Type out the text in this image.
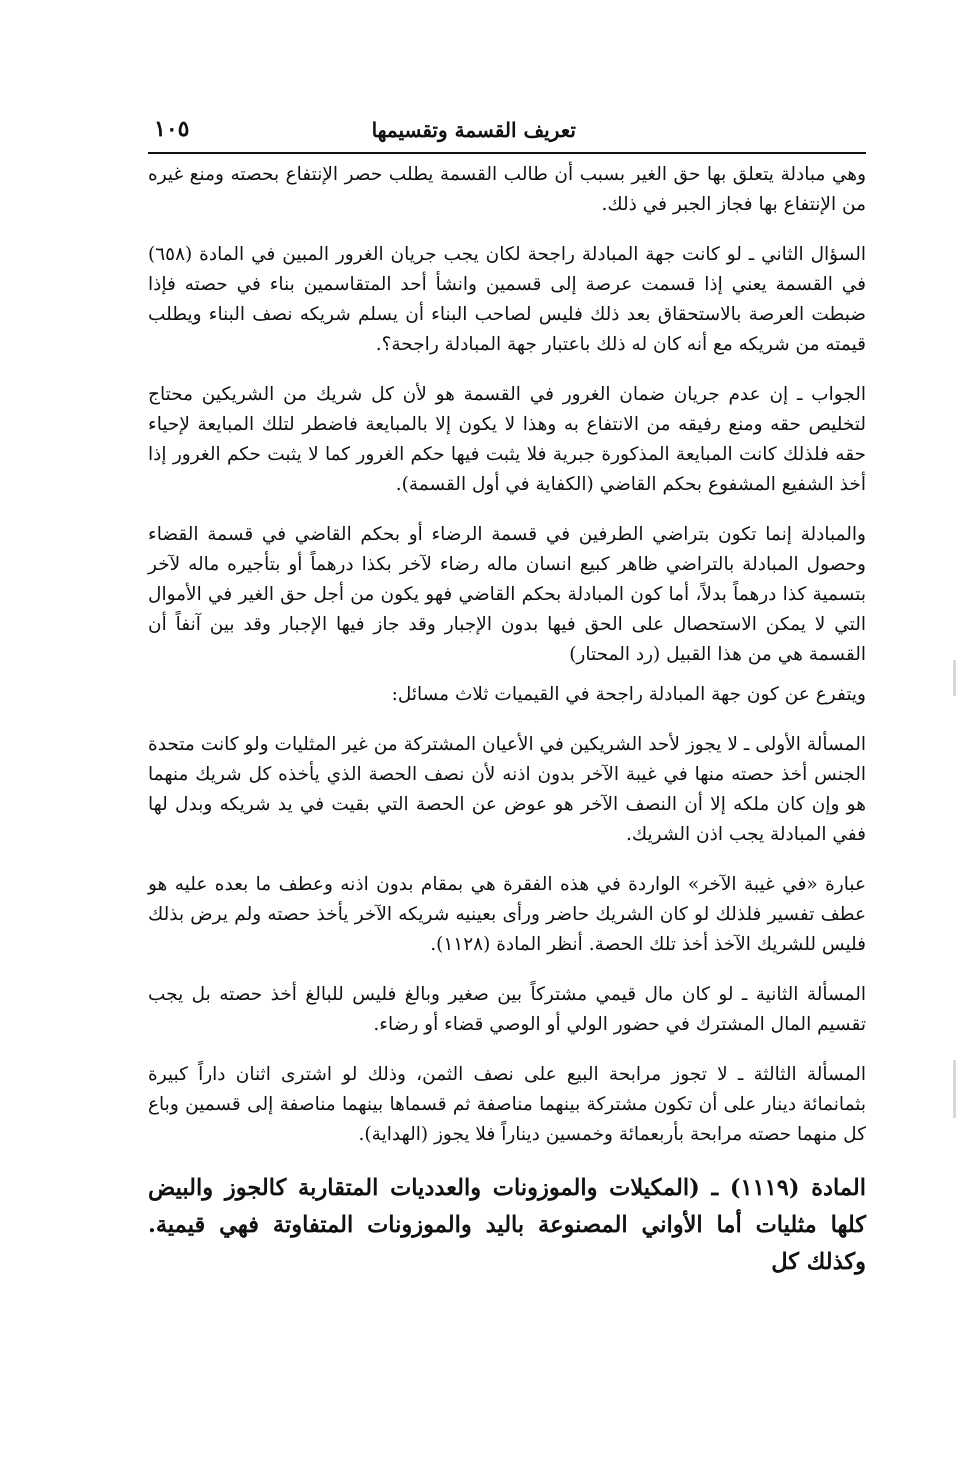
تعريف القسمة وتقسيمها
١٠٥

وهي مبادلة يتعلق بها حق الغير بسبب أن طالب القسمة يطلب حصر الإنتفاع بحصته ومنع غيره من الإنتفاع بها فجاز الجبر في ذلك.

السؤال الثاني ـ لو كانت جهة المبادلة راجحة لكان يجب جريان الغرور المبين في المادة (٦٥٨) في القسمة يعني إذا قسمت عرصة إلى قسمين وانشأ أحد المتقاسمين بناء في حصته فإذا ضبطت العرصة بالاستحقاق بعد ذلك فليس لصاحب البناء أن يسلم شريكه نصف البناء ويطلب قيمته من شريكه مع أنه كان له ذلك باعتبار جهة المبادلة راجحة؟.

الجواب ـ إن عدم جريان ضمان الغرور في القسمة هو لأن كل شريك من الشريكين محتاج لتخليص حقه ومنع رفيقه من الانتفاع به وهذا لا يكون إلا بالمبايعة فاضطر لتلك المبايعة لإحياء حقه فلذلك كانت المبايعة المذكورة جبرية فلا يثبت فيها حكم الغرور كما لا يثبت حكم الغرور إذا أخذ الشفيع المشفوع بحكم القاضي (الكفاية في أول القسمة).

والمبادلة إنما تكون بتراضي الطرفين في قسمة الرضاء أو بحكم القاضي في قسمة القضاء وحصول المبادلة بالتراضي ظاهر كبيع انسان ماله رضاء لآخر بكذا درهماً أو بتأجيره ماله لآخر بتسمية كذا درهماً بدلاً، أما كون المبادلة بحكم القاضي فهو يكون من أجل حق الغير في الأموال التي لا يمكن الاستحصال على الحق فيها بدون الإجبار وقد جاز فيها الإجبار وقد بين آنفاً أن القسمة هي من هذا القبيل (رد المحتار)

ويتفرع عن كون جهة المبادلة راجحة في القيميات ثلاث مسائل:

المسألة الأولى ـ لا يجوز لأحد الشريكين في الأعيان المشتركة من غير المثليات ولو كانت متحدة الجنس أخذ حصته منها في غيبة الآخر بدون اذنه لأن نصف الحصة الذي يأخذه كل شريك منهما هو وإن كان ملكه إلا أن النصف الآخر هو عوض عن الحصة التي بقيت في يد شريكه وبدل لها ففي المبادلة يجب اذن الشريك.

عبارة «في غيبة الآخر» الواردة في هذه الفقرة هي بمقام بدون اذنه وعطف ما بعده عليه هو عطف تفسير فلذلك لو كان الشريك حاضر ورأى بعينيه شريكه الآخر يأخذ حصته ولم يرض بذلك فليس للشريك الآخذ أخذ تلك الحصة. أنظر المادة (١١٢٨).

المسألة الثانية ـ لو كان مال قيمي مشتركاً بين صغير وبالغ فليس للبالغ أخذ حصته بل يجب تقسيم المال المشترك في حضور الولي أو الوصي قضاء أو رضاء.

المسألة الثالثة ـ لا تجوز مرابحة البيع على نصف الثمن، وذلك لو اشترى اثنان داراً كبيرة بثمانمائة دينار على أن تكون مشتركة بينهما مناصفة ثم قسماها بينهما مناصفة إلى قسمين وباع كل منهما حصته مرابحة بأربعمائة وخمسين ديناراً فلا يجوز (الهداية).

المادة (١١١٩) ـ (المكيلات والموزونات والعدديات المتقاربة كالجوز والبيض كلها مثليات أما الأواني المصنوعة باليد والموزونات المتفاوتة فهي قيمية. وكذلك كل
